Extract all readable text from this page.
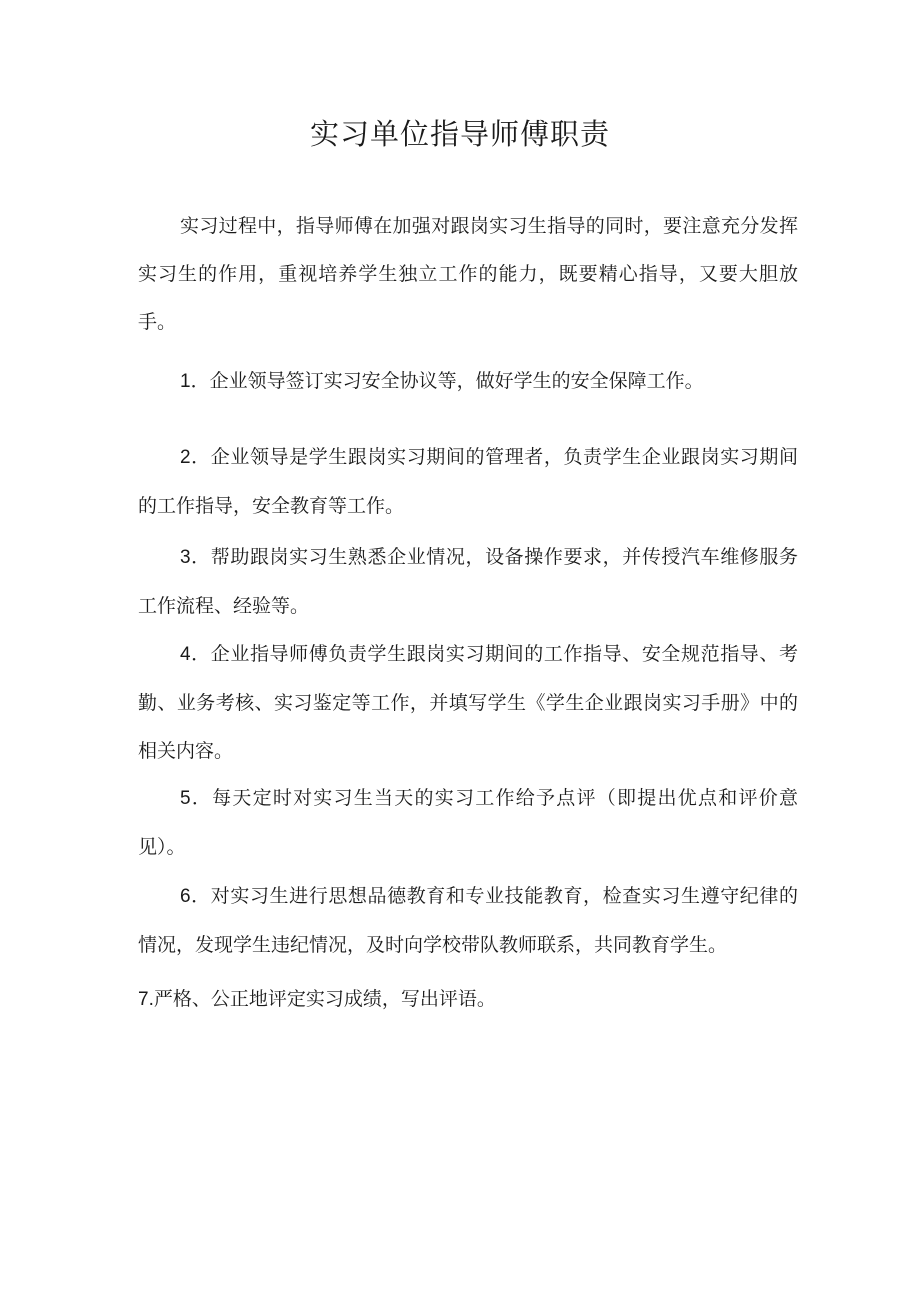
实习单位指导师傅职责

实习过程中，指导师傅在加强对跟岗实习生指导的同时，要注意充分发挥实习生的作用，重视培养学生独立工作的能力，既要精心指导，又要大胆放手。

1．企业领导签订实习安全协议等，做好学生的安全保障工作。

2．企业领导是学生跟岗实习期间的管理者，负责学生企业跟岗实习期间的工作指导，安全教育等工作。

3．帮助跟岗实习生熟悉企业情况，设备操作要求，并传授汽车维修服务工作流程、经验等。

4．企业指导师傅负责学生跟岗实习期间的工作指导、安全规范指导、考勤、业务考核、实习鉴定等工作，并填写学生《学生企业跟岗实习手册》中的相关内容。

5．每天定时对实习生当天的实习工作给予点评（即提出优点和评价意见）。

6．对实习生进行思想品德教育和专业技能教育，检查实习生遵守纪律的情况，发现学生违纪情况，及时向学校带队教师联系，共同教育学生。

7.严格、公正地评定实习成绩，写出评语。
